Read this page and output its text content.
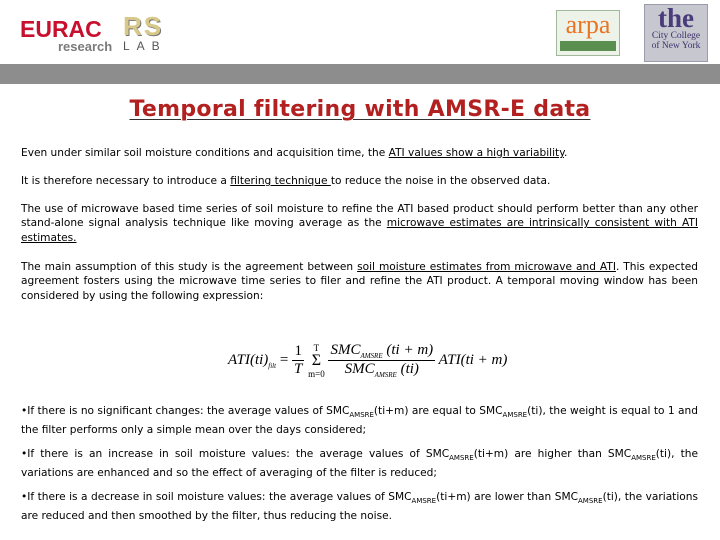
EURAC
research
RS
LAB
arpa	the
City College
of New York
Temporal filtering with AMSR-E data
Even under similar soil moisture conditions and acquisition time, the ATI values show a high variability.
It is therefore necessary to introduce a filtering technique to reduce the noise in the observed data.
The use of microwave based time series of soil moisture to refine the ATI based product should perform better than any other stand-alone signal analysis technique like moving average as the microwave estimates are intrinsically consistent with ATI estimates.
The main assumption of this study is the agreement between soil moisture estimates from microwave and ATI. This expected agreement fosters using the microwave time series to filer and refine the ATI product. A temporal moving window has been considered by using the following expression:
$ATI(ti)_{filt} = \frac{1}{T}$ T
Σ
$m=0 \frac{SMC_{AMSRE} (ti + m)}{SMC_{AMSRE} (ti)} ATI(ti + m)$
•If there is no significant changes: the average values of $SMC_{AMSRE}(ti+m)$ are equal to $SMC_{AMSRE}(ti)$, the weight is equal to 1 and the filter performs only a simple mean over the days considered;
•If there is an increase in soil moisture values: the average values of $SMC_{AMSRE}(ti+m)$ are higher than $SMC_{AMSRE}(ti)$, the variations are enhanced and so the effect of averaging of the filter is reduced;
•If there is a decrease in soil moisture values: the average values of $SMC_{AMSRE}(ti+m)$ are lower than $SMC_{AMSRE}(ti)$, the variations are reduced and then smoothed by the filter, thus reducing the noise.
